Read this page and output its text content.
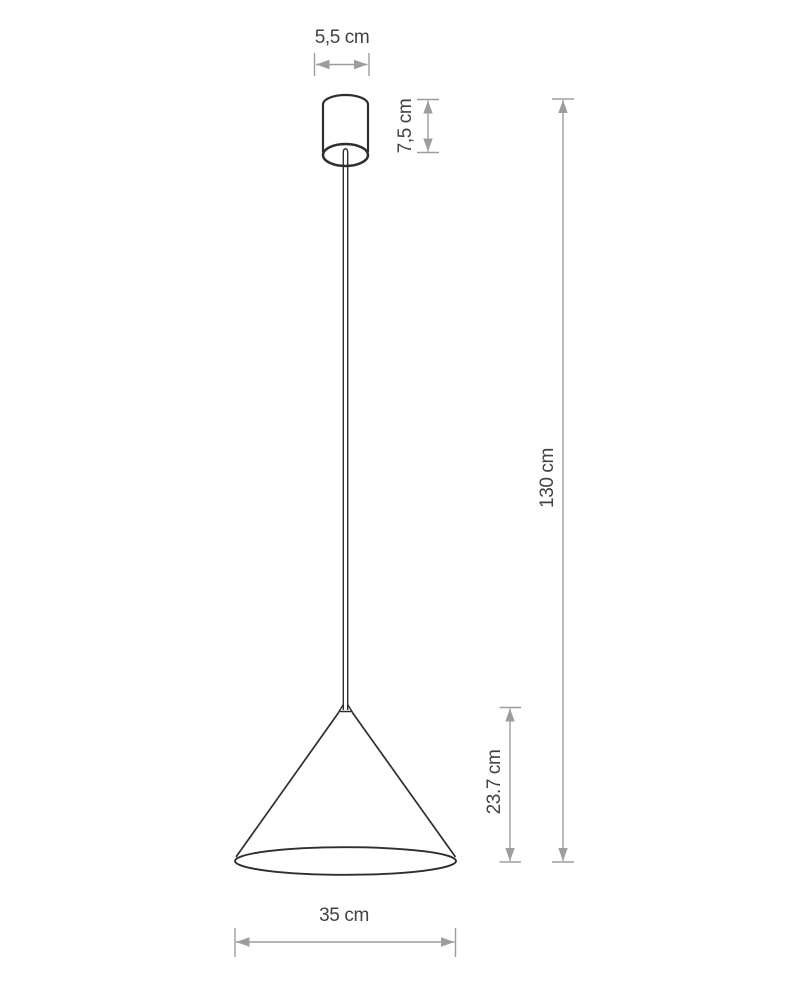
5,5 cm
7,5 cm
130 cm
23.7 cm
35 cm
